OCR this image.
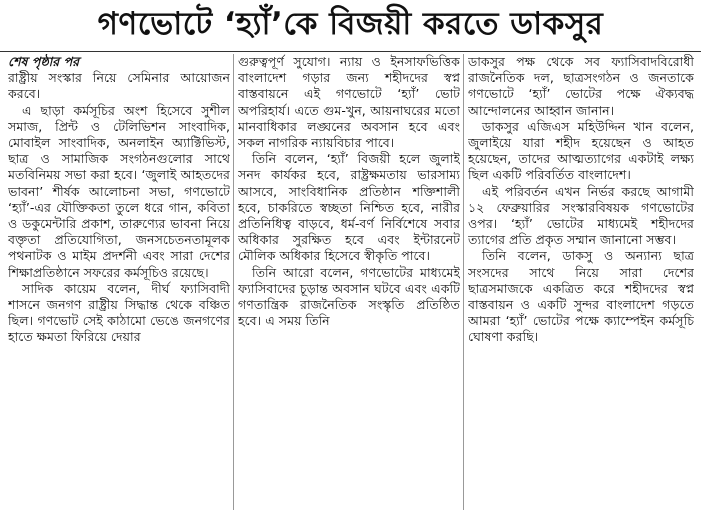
গণভোটে ‘হ্যাঁ’কে বিজয়ী করতে ডাকসুর
শেষ পৃষ্ঠার পর

রাষ্ট্রীয় সংস্কার নিয়ে সেমিনার আয়োজন করবে।

এ ছাড়া কর্মসূচির অংশ হিসেবে সুশীল সমাজ, প্রিন্ট ও টেলিভিশন সাংবাদিক, মোবাইল সাংবাদিক, অনলাইন অ্যাক্টিভিস্ট, ছাত্র ও সামাজিক সংগঠনগুলোর সাথে মতবিনিময় সভা করা হবে। ‘জুলাই আহতদের ভাবনা’ শীর্ষক আলোচনা সভা, গণভোটে ‘হ্যাঁ’-এর যৌক্তিকতা তুলে ধরে গান, কবিতা ও ডকুমেন্টারি প্রকাশ, তারুণ্যের ভাবনা নিয়ে বক্তৃতা প্রতিযোগিতা, জনসচেতনতামূলক পথনাটক ও মাইম প্রদর্শনী এবং সারা দেশের শিক্ষাপ্রতিষ্ঠানে সফরের কর্মসূচিও রয়েছে।

সাদিক কায়েম বলেন, দীর্ঘ ফ্যাসিবাদী শাসনে জনগণ রাষ্ট্রীয় সিদ্ধান্ত থেকে বঞ্চিত ছিল। গণভোট সেই কাঠামো ভেঙে জনগণের হাতে ক্ষমতা ফিরিয়ে দেয়ার

গুরুত্বপূর্ণ সুযোগ। ন্যায় ও ইনসাফভিত্তিক বাংলাদেশ গড়ার জন্য শহীদদের স্বপ্ন বাস্তবায়নে এই গণভোটে ‘হ্যাঁ’ ভোট অপরিহার্য। এতে গুম-খুন, আয়নাঘরের মতো মানবাধিকার লঙ্ঘনের অবসান হবে এবং সকল নাগরিক ন্যায়বিচার পাবে।

তিনি বলেন, ‘হ্যাঁ’ বিজয়ী হলে জুলাই সনদ কার্যকর হবে, রাষ্ট্রক্ষমতায় ভারসাম্য আসবে, সাংবিধানিক প্রতিষ্ঠান শক্তিশালী হবে, চাকরিতে স্বচ্ছতা নিশ্চিত হবে, নারীর প্রতিনিধিত্ব বাড়বে, ধর্ম-বর্ণ নির্বিশেষে সবার অধিকার সুরক্ষিত হবে এবং ইন্টারনেট মৌলিক অধিকার হিসেবে স্বীকৃতি পাবে।

তিনি আরো বলেন, গণভোটের মাধ্যমেই ফ্যাসিবাদের চূড়ান্ত অবসান ঘটবে এবং একটি গণতান্ত্রিক রাজনৈতিক সংস্কৃতি প্রতিষ্ঠিত হবে। এ সময় তিনি

ডাকসুর পক্ষ থেকে সব ফ্যাসিবাদবিরোধী রাজনৈতিক দল, ছাত্রসংগঠন ও জনতাকে গণভোটে ‘হ্যাঁ’ ভোটের পক্ষে ঐক্যবদ্ধ আন্দোলনের আহ্বান জানান।

ডাকসুর এজিএস মহিউদ্দিন খান বলেন, জুলাইয়ে যারা শহীদ হয়েছেন ও আহত হয়েছেন, তাদের আত্মত্যাগের একটাই লক্ষ্য ছিল একটি পরিবর্তিত বাংলাদেশ।

এই পরিবর্তন এখন নির্ভর করছে আগামী ১২ ফেব্রুয়ারির সংস্কারবিষয়ক গণভোটের ওপর। ‘হ্যাঁ’ ভোটের মাধ্যমেই শহীদদের ত্যাগের প্রতি প্রকৃত সম্মান জানানো সম্ভব।

তিনি বলেন, ডাকসু ও অন্যান্য ছাত্র সংসদের সাথে নিয়ে সারা দেশের ছাত্রসমাজকে একত্রিত করে শহীদদের স্বপ্ন বাস্তবায়ন ও একটি সুন্দর বাংলাদেশ গড়তে আমরা ‘হ্যাঁ’ ভোটের পক্ষে ক্যাম্পেইন কর্মসূচি ঘোষণা করছি।
